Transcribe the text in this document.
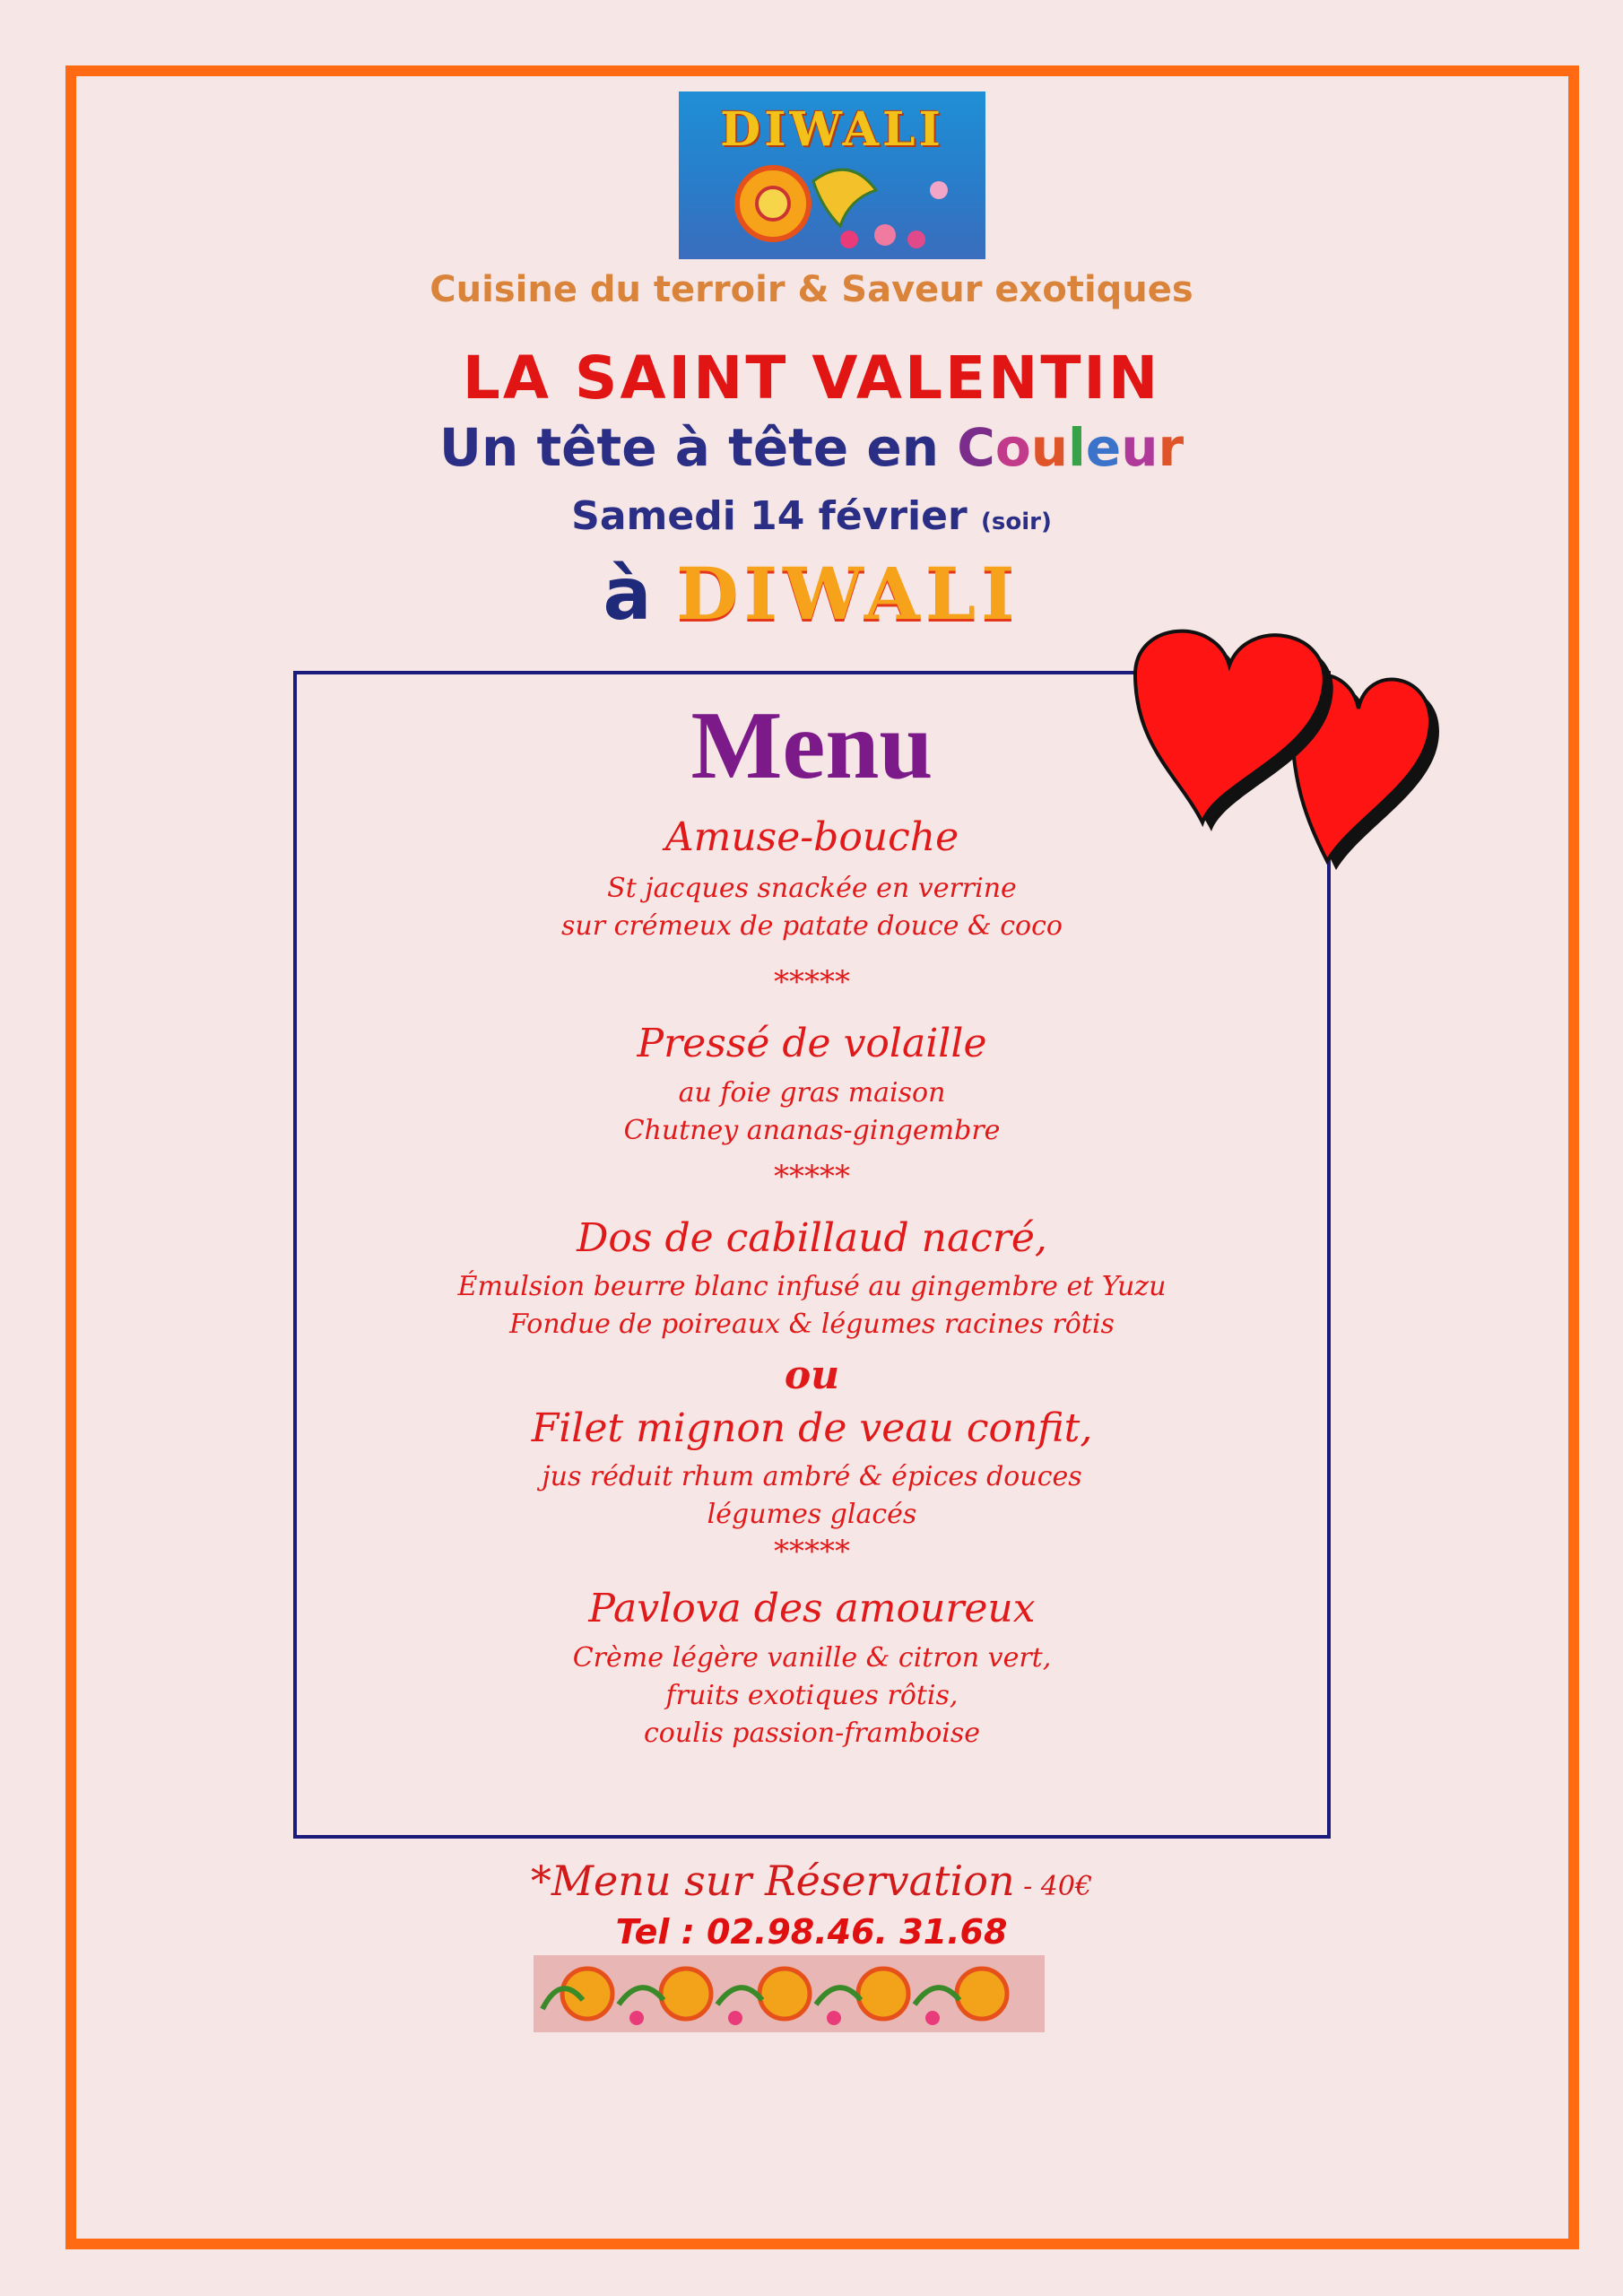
DIWALI
Cuisine du terroir & Saveur exotiques
LA SAINT VALENTIN
Un tête à tête en Couleur
Samedi 14 février (soir)
à DIWALI
Menu
Amuse-bouche
St jacques snackée en verrine
sur crémeux de patate douce & coco
*****
Pressé de volaille
au foie gras maison
Chutney ananas-gingembre
*****
Dos de cabillaud nacré,
Émulsion beurre blanc infusé au gingembre et Yuzu
Fondue de poireaux & légumes racines rôtis
ou
Filet mignon de veau confit,
jus réduit rhum ambré & épices douces
légumes glacés
*****
Pavlova des amoureux
Crème légère vanille & citron vert,
fruits exotiques rôtis,
coulis passion-framboise
*Menu sur Réservation - 40€
Tel : 02.98.46. 31.68
